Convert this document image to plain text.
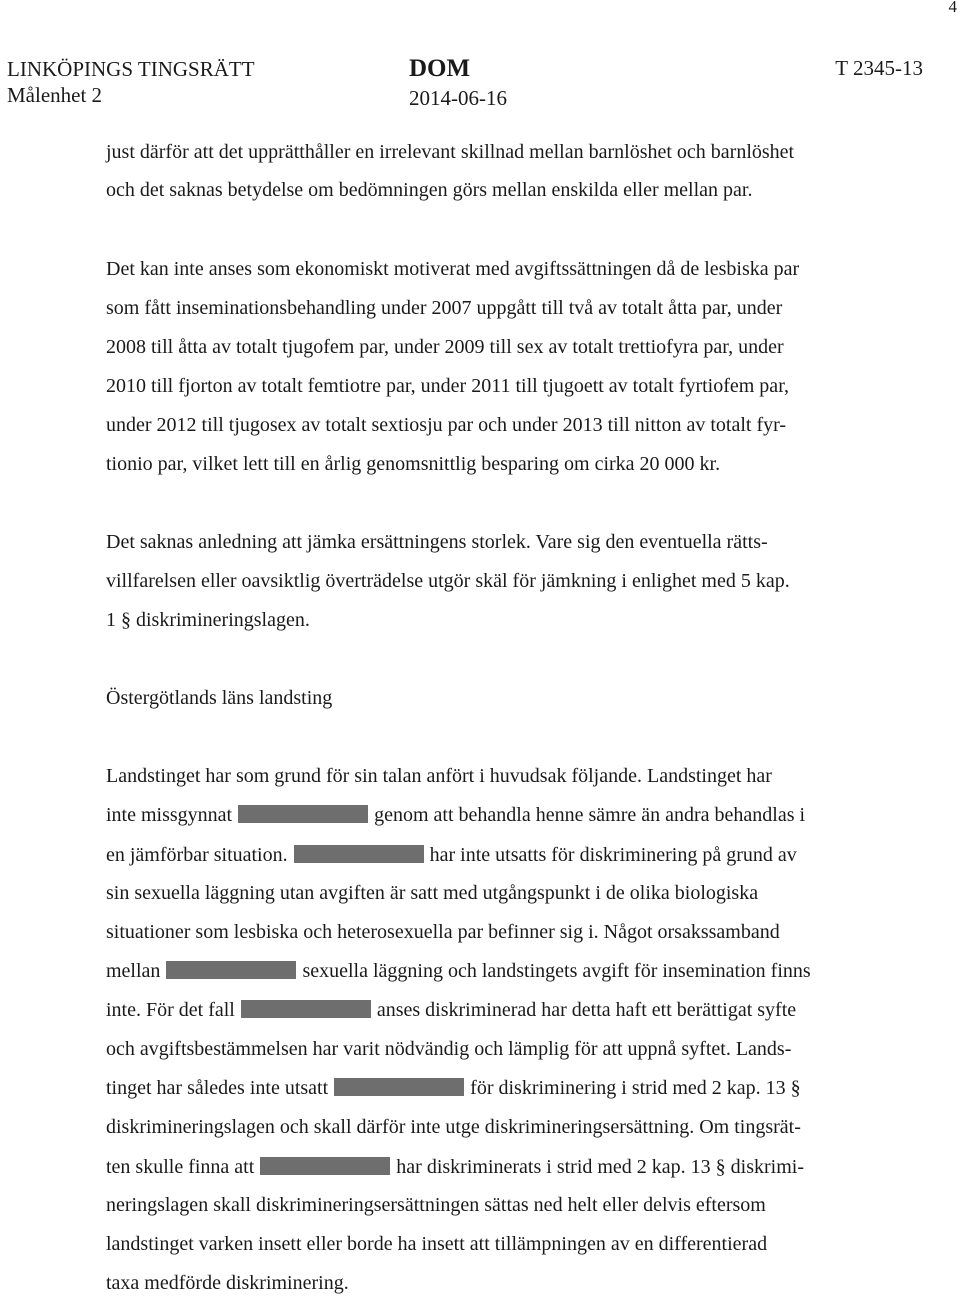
4
LINKÖPINGS TINGSRÄTT
Målenhet 2
DOM
2014-06-16
T 2345-13
just därför att det upprätthåller en irrelevant skillnad mellan barnlöshet och barnlöshet
och det saknas betydelse om bedömningen görs mellan enskilda eller mellan par.
Det kan inte anses som ekonomiskt motiverat med avgiftssättningen då de lesbiska par
som fått inseminationsbehandling under 2007 uppgått till två av totalt åtta par, under
2008 till åtta av totalt tjugofem par, under 2009 till sex av totalt trettiofyra par, under
2010 till fjorton av totalt femtiotre par, under 2011 till tjugoett av totalt fyrtiofem par,
under 2012 till tjugosex av totalt sextiosju par och under 2013 till nitton av totalt fyr-
tionio par, vilket lett till en årlig genomsnittlig besparing om cirka 20 000 kr.
Det saknas anledning att jämka ersättningens storlek. Vare sig den eventuella rätts-
villfarelsen eller oavsiktlig överträdelse utgör skäl för jämkning i enlighet med 5 kap.
1 § diskrimineringslagen.
Östergötlands läns landsting
Landstinget har som grund för sin talan anfört i huvudsak följande. Landstinget har
inte missgynnat	genom att behandla henne sämre än andra behandlas i
en jämförbar situation.	har inte utsatts för diskriminering på grund av
sin sexuella läggning utan avgiften är satt med utgångspunkt i de olika biologiska
situationer som lesbiska och heterosexuella par befinner sig i. Något orsakssamband
mellan	sexuella läggning och landstingets avgift för insemination finns
inte. För det fall	anses diskriminerad har detta haft ett berättigat syfte
och avgiftsbestämmelsen har varit nödvändig och lämplig för att uppnå syftet. Lands-
tinget har således inte utsatt	för diskriminering i strid med 2 kap. 13 §
diskrimineringslagen och skall därför inte utge diskrimineringsersättning. Om tingsrät-
ten skulle finna att	har diskriminerats i strid med 2 kap. 13 § diskrimi-
neringslagen skall diskrimineringsersättningen sättas ned helt eller delvis eftersom
landstinget varken insett eller borde ha insett att tillämpningen av en differentierad
taxa medförde diskriminering.
